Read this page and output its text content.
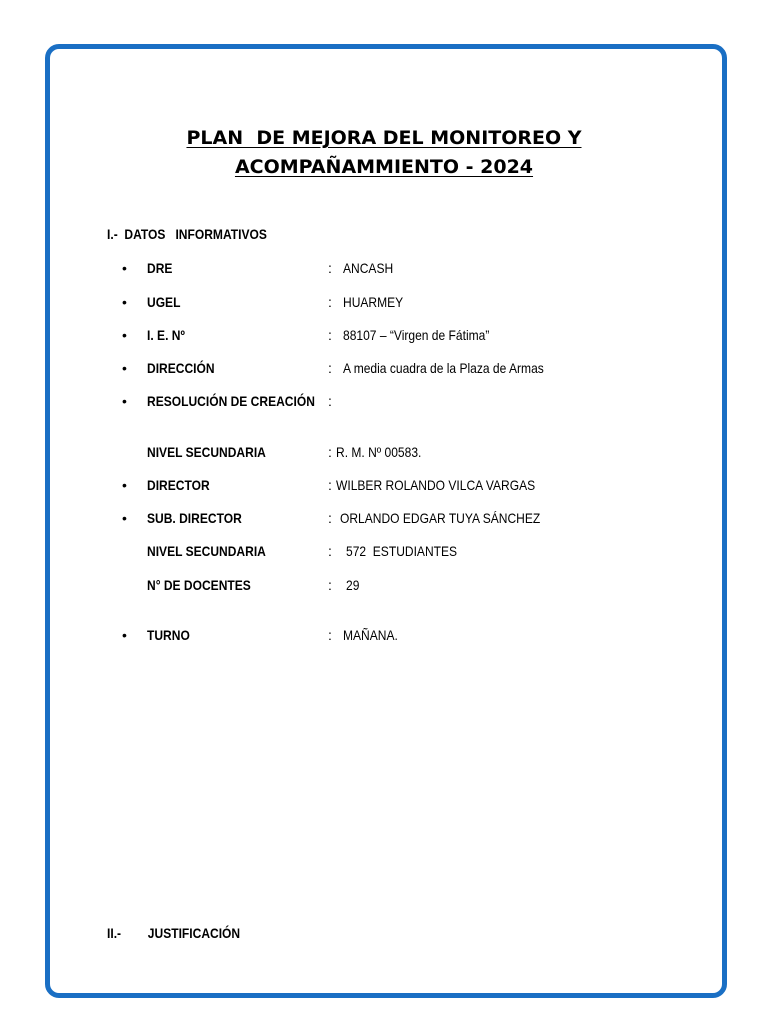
PLAN  DE MEJORA DEL MONITOREO Y
ACOMPAÑAMMIENTO - 2024
I.-  DATOS   INFORMATIVOS
• DRE	: ANCASH
• UGEL	: HUARMEY
• I. E. Nº	: 88107 – “Virgen de Fátima”
• DIRECCIÓN	: A media cuadra de la Plaza de Armas
• RESOLUCIÓN DE CREACIÓN :
NIVEL SECUNDARIA	: R. M. Nº 00583.
• DIRECTOR	: WILBER ROLANDO VILCA VARGAS
• SUB. DIRECTOR	: ORLANDO EDGAR TUYA SÁNCHEZ
NIVEL SECUNDARIA	: 572  ESTUDIANTES
N° DE DOCENTES	: 29
• TURNO	: MAÑANA.
II.-        JUSTIFICACIÓN
